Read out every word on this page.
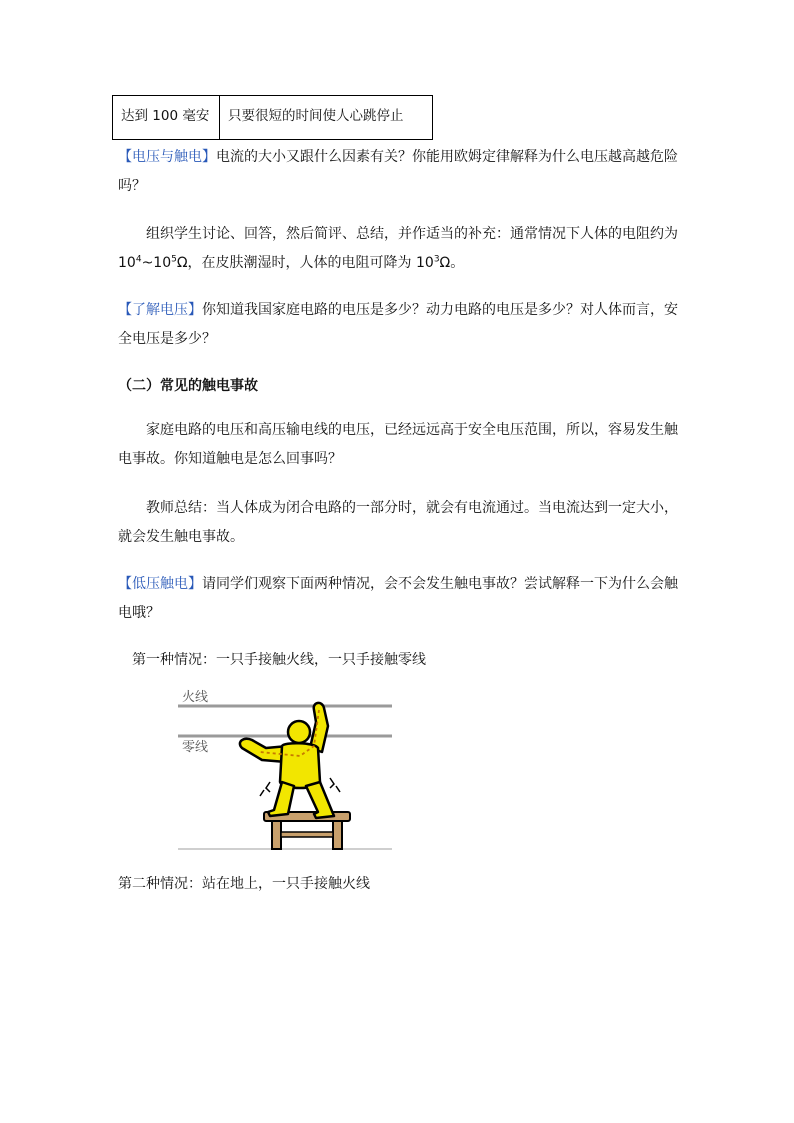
达到 100 毫安	只要很短的时间使人心跳停止
【电压与触电】电流的大小又跟什么因素有关？你能用欧姆定律解释为什么电压越高越危险吗？
组织学生讨论、回答，然后简评、总结，并作适当的补充：通常情况下人体的电阻约为 $10^4\sim 10^5\Omega$，在皮肤潮湿时，人体的电阻可降为 $10^3\Omega$。
【了解电压】你知道我国家庭电路的电压是多少？动力电路的电压是多少？对人体而言，安全电压是多少？
（二）常见的触电事故
家庭电路的电压和高压输电线的电压，已经远远高于安全电压范围，所以，容易发生触电事故。你知道触电是怎么回事吗？
教师总结：当人体成为闭合电路的一部分时，就会有电流通过。当电流达到一定大小，就会发生触电事故。
【低压触电】请同学们观察下面两种情况，会不会发生触电事故？尝试解释一下为什么会触电哦？
第一种情况：一只手接触火线，一只手接触零线
火线
零线
第二种情况：站在地上，一只手接触火线
